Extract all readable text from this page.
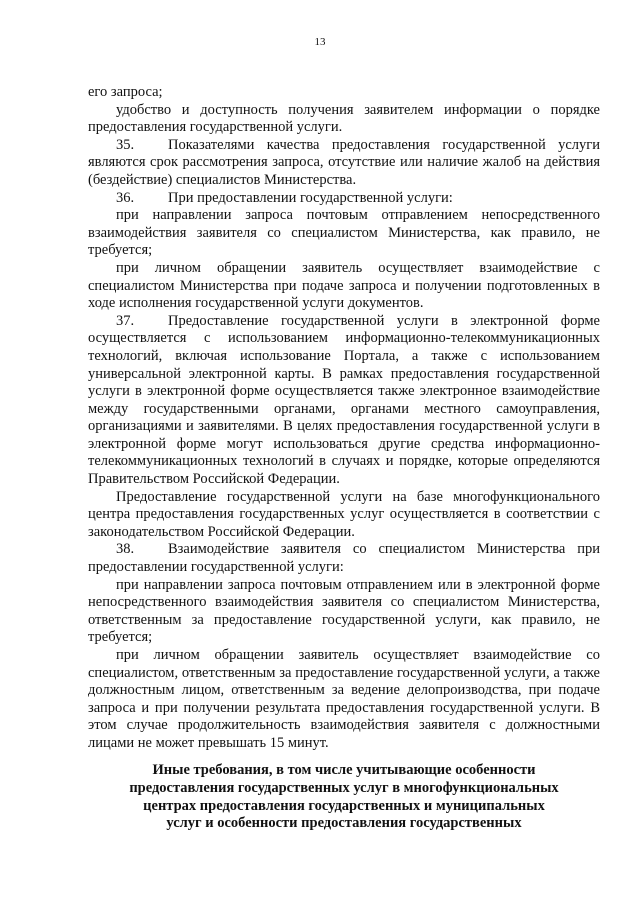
13

его запроса;

удобство и доступность получения заявителем информации о порядке предоставления государственной услуги.

35. Показателями качества предоставления государственной услуги являются срок рассмотрения запроса, отсутствие или наличие жалоб на действия (бездействие) специалистов Министерства.

36. При предоставлении государственной услуги:

при направлении запроса почтовым отправлением непосредственного взаимодействия заявителя со специалистом Министерства, как правило, не требуется;

при личном обращении заявитель осуществляет взаимодействие с специалистом Министерства при подаче запроса и получении подготовленных в ходе исполнения государственной услуги документов.

37. Предоставление государственной услуги в электронной форме осуществляется с использованием информационно-телекоммуникационных технологий, включая использование Портала, а также с использованием универсальной электронной карты. В рамках предоставления государственной услуги в электронной форме осуществляется также электронное взаимодействие между государственными органами, органами местного самоуправления, организациями и заявителями. В целях предоставления государственной услуги в электронной форме могут использоваться другие средства информационно-телекоммуникационных технологий в случаях и порядке, которые определяются Правительством Российской Федерации.

Предоставление государственной услуги на базе многофункционального центра предоставления государственных услуг осуществляется в соответствии с законодательством Российской Федерации.

38. Взаимодействие заявителя со специалистом Министерства при предоставлении государственной услуги:

при направлении запроса почтовым отправлением или в электронной форме непосредственного взаимодействия заявителя со специалистом Министерства, ответственным за предоставление государственной услуги, как правило, не требуется;

при личном обращении заявитель осуществляет взаимодействие со специалистом, ответственным за предоставление государственной услуги, а также должностным лицом, ответственным за ведение делопроизводства, при подаче запроса и при получении результата предоставления государственной услуги. В этом случае продолжительность взаимодействия заявителя с должностными лицами не может превышать 15 минут.

Иные требования, в том числе учитывающие особенности
предоставления государственных услуг в многофункциональных
центрах предоставления государственных и муниципальных
услуг и особенности предоставления государственных
